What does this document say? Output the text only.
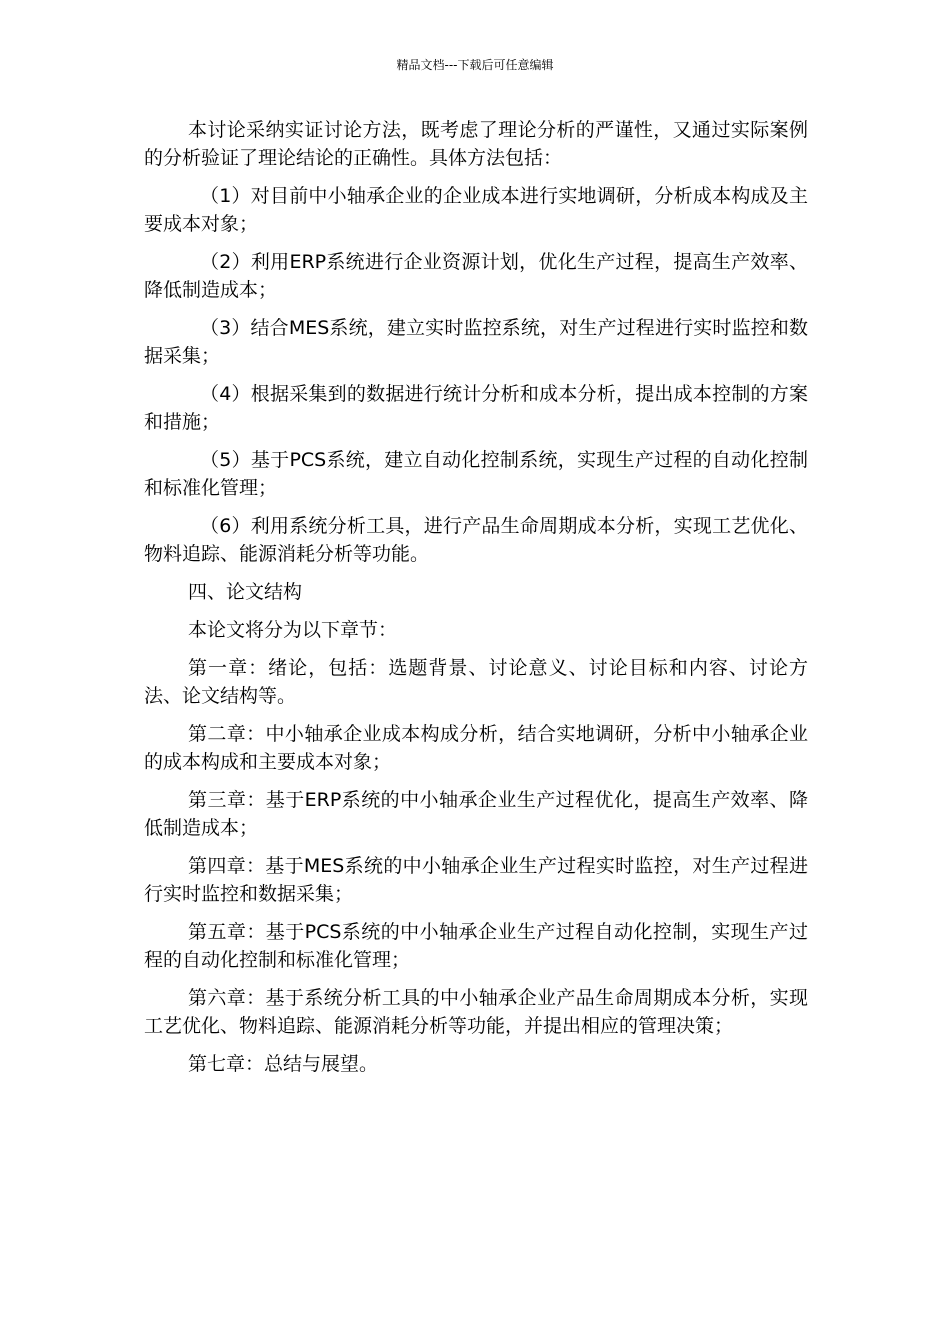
精品文档---下载后可任意编辑

本讨论采纳实证讨论方法，既考虑了理论分析的严谨性，又通过实际案例的分析验证了理论结论的正确性。具体方法包括：

（1）对目前中小轴承企业的企业成本进行实地调研，分析成本构成及主要成本对象；

（2）利用ERP系统进行企业资源计划，优化生产过程，提高生产效率、降低制造成本；

（3）结合MES系统，建立实时监控系统，对生产过程进行实时监控和数据采集；

（4）根据采集到的数据进行统计分析和成本分析，提出成本控制的方案和措施；

（5）基于PCS系统，建立自动化控制系统，实现生产过程的自动化控制和标准化管理；

（6）利用系统分析工具，进行产品生命周期成本分析，实现工艺优化、物料追踪、能源消耗分析等功能。

四、论文结构

本论文将分为以下章节：

第一章：绪论，包括：选题背景、讨论意义、讨论目标和内容、讨论方法、论文结构等。

第二章：中小轴承企业成本构成分析，结合实地调研，分析中小轴承企业的成本构成和主要成本对象；

第三章：基于ERP系统的中小轴承企业生产过程优化，提高生产效率、降低制造成本；

第四章：基于MES系统的中小轴承企业生产过程实时监控，对生产过程进行实时监控和数据采集；

第五章：基于PCS系统的中小轴承企业生产过程自动化控制，实现生产过程的自动化控制和标准化管理；

第六章：基于系统分析工具的中小轴承企业产品生命周期成本分析，实现工艺优化、物料追踪、能源消耗分析等功能，并提出相应的管理决策；

第七章：总结与展望。
